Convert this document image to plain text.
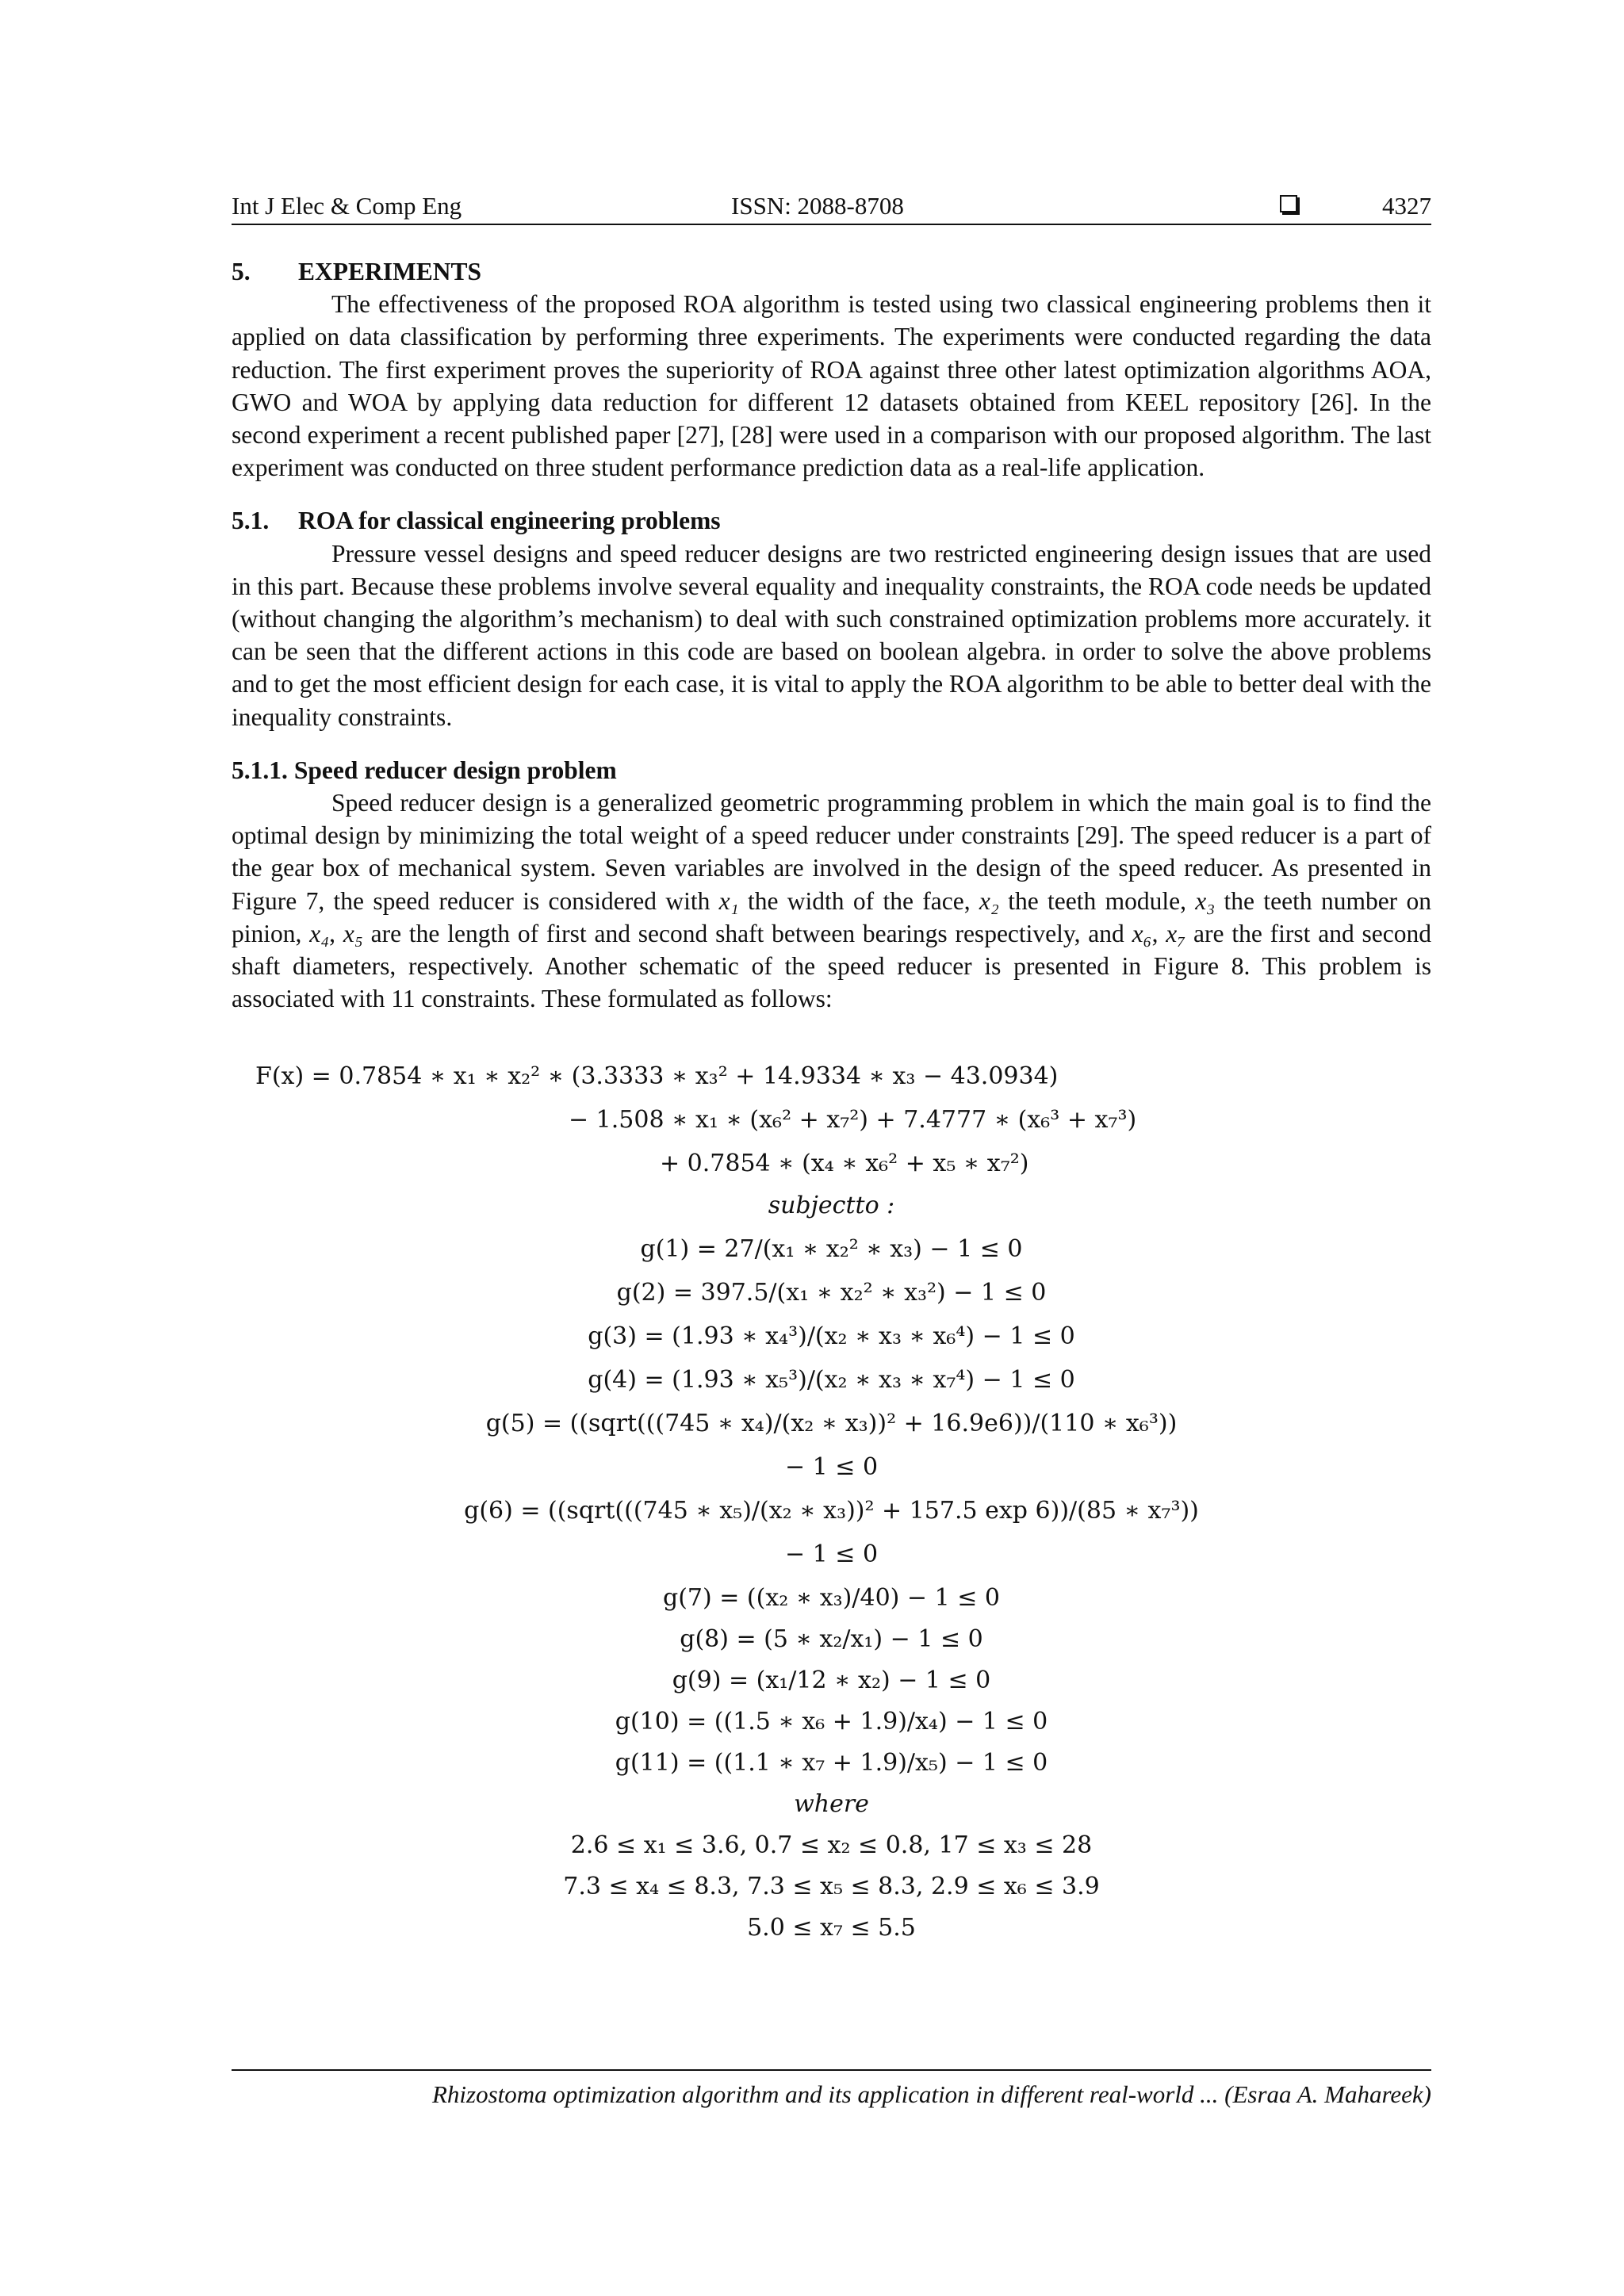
Int J Elec & Comp Eng	ISSN: 2088-8708	4327
5. EXPERIMENTS

The effectiveness of the proposed ROA algorithm is tested using two classical engineering problems then it applied on data classification by performing three experiments. The experiments were conducted regarding the data reduction. The first experiment proves the superiority of ROA against three other latest optimization algorithms AOA, GWO and WOA by applying data reduction for different 12 datasets obtained from KEEL repository [26]. In the second experiment a recent published paper [27], [28] were used in a comparison with our proposed algorithm. The last experiment was conducted on three student performance prediction data as a real-life application.

5.1. ROA for classical engineering problems

Pressure vessel designs and speed reducer designs are two restricted engineering design issues that are used in this part. Because these problems involve several equality and inequality constraints, the ROA code needs be updated (without changing the algorithm’s mechanism) to deal with such constrained optimization problems more accurately. it can be seen that the different actions in this code are based on boolean algebra. in order to solve the above problems and to get the most efficient design for each case, it is vital to apply the ROA algorithm to be able to better deal with the inequality constraints.

5.1.1. Speed reducer design problem

Speed reducer design is a generalized geometric programming problem in which the main goal is to find the optimal design by minimizing the total weight of a speed reducer under constraints [29]. The speed reducer is a part of the gear box of mechanical system. Seven variables are involved in the design of the speed reducer. As presented in Figure 7, the speed reducer is considered with x₁ the width of the face, x₂ the teeth module, x₃ the teeth number on pinion, x₄, x₅ are the length of first and second shaft between bearings respectively, and x₆, x₇ are the first and second shaft diameters, respectively. Another schematic of the speed reducer is presented in Figure 8. This problem is associated with 11 constraints. These formulated as follows:

F(x) = 0.7854 ∗ x₁ ∗ x₂² ∗ (3.3333 ∗ x₃² + 14.9334 ∗ x₃ − 43.0934)
− 1.508 ∗ x₁ ∗ (x₆² + x₇²) + 7.4777 ∗ (x₆³ + x₇³)
+ 0.7854 ∗ (x₄ ∗ x₆² + x₅ ∗ x₇²)
subjectto :
g(1) = 27/(x₁ ∗ x₂² ∗ x₃) − 1 ≤ 0
g(2) = 397.5/(x₁ ∗ x₂² ∗ x₃²) − 1 ≤ 0
g(3) = (1.93 ∗ x₄³)/(x₂ ∗ x₃ ∗ x₆⁴) − 1 ≤ 0
g(4) = (1.93 ∗ x₅³)/(x₂ ∗ x₃ ∗ x₇⁴) − 1 ≤ 0
g(5) = ((sqrt(((745 ∗ x₄)/(x₂ ∗ x₃))² + 16.9e6))/(110 ∗ x₆³))
− 1 ≤ 0
g(6) = ((sqrt(((745 ∗ x₅)/(x₂ ∗ x₃))² + 157.5 exp 6))/(85 ∗ x₇³))
− 1 ≤ 0
g(7) = ((x₂ ∗ x₃)/40) − 1 ≤ 0
g(8) = (5 ∗ x₂/x₁) − 1 ≤ 0
g(9) = (x₁/12 ∗ x₂) − 1 ≤ 0
g(10) = ((1.5 ∗ x₆ + 1.9)/x₄) − 1 ≤ 0
g(11) = ((1.1 ∗ x₇ + 1.9)/x₅) − 1 ≤ 0
where
2.6 ≤ x₁ ≤ 3.6, 0.7 ≤ x₂ ≤ 0.8, 17 ≤ x₃ ≤ 28
7.3 ≤ x₄ ≤ 8.3, 7.3 ≤ x₅ ≤ 8.3, 2.9 ≤ x₆ ≤ 3.9
5.0 ≤ x₇ ≤ 5.5
Rhizostoma optimization algorithm and its application in different real-world ... (Esraa A. Mahareek)
